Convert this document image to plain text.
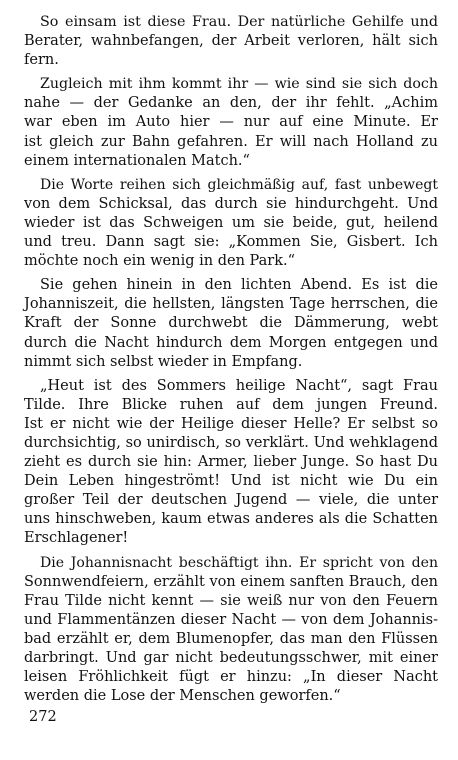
So einsam ist diese Frau. Der natürliche Gehilfe und
Berater, wahnbefangen, der Arbeit verloren, hält sich
fern.
Zugleich mit ihm kommt ihr — wie sind sie sich doch
nahe — der Gedanke an den, der ihr fehlt. „Achim
war eben im Auto hier — nur auf eine Minute. Er
ist gleich zur Bahn gefahren. Er will nach Holland zu
einem internationalen Match.“
Die Worte reihen sich gleichmäßig auf, fast unbewegt
von dem Schicksal, das durch sie hindurchgeht. Und
wieder ist das Schweigen um sie beide, gut, heilend
und treu. Dann sagt sie: „Kommen Sie, Gisbert. Ich
möchte noch ein wenig in den Park.“
Sie gehen hinein in den lichten Abend. Es ist die
Johanniszeit, die hellsten, längsten Tage herrschen, die
Kraft der Sonne durchwebt die Dämmerung, webt
durch die Nacht hindurch dem Morgen entgegen und
nimmt sich selbst wieder in Empfang.
„Heut ist des Sommers heilige Nacht“, sagt Frau
Tilde. Ihre Blicke ruhen auf dem jungen Freund.
Ist er nicht wie der Heilige dieser Helle? Er selbst so
durchsichtig, so unirdisch, so verklärt. Und wehklagend
zieht es durch sie hin: Armer, lieber Junge. So hast Du
Dein Leben hingeströmt! Und ist nicht wie Du ein
großer Teil der deutschen Jugend — viele, die unter
uns hinschweben, kaum etwas anderes als die Schatten
Erschlagener!
Die Johannisnacht beschäftigt ihn. Er spricht von den
Sonnwendfeiern, erzählt von einem sanften Brauch, den
Frau Tilde nicht kennt — sie weiß nur von den Feuern
und Flammentänzen dieser Nacht — von dem Johannis-
bad erzählt er, dem Blumenopfer, das man den Flüssen
darbringt. Und gar nicht bedeutungsschwer, mit einer
leisen Fröhlichkeit fügt er hinzu: „In dieser Nacht
werden die Lose der Menschen geworfen.“
272
